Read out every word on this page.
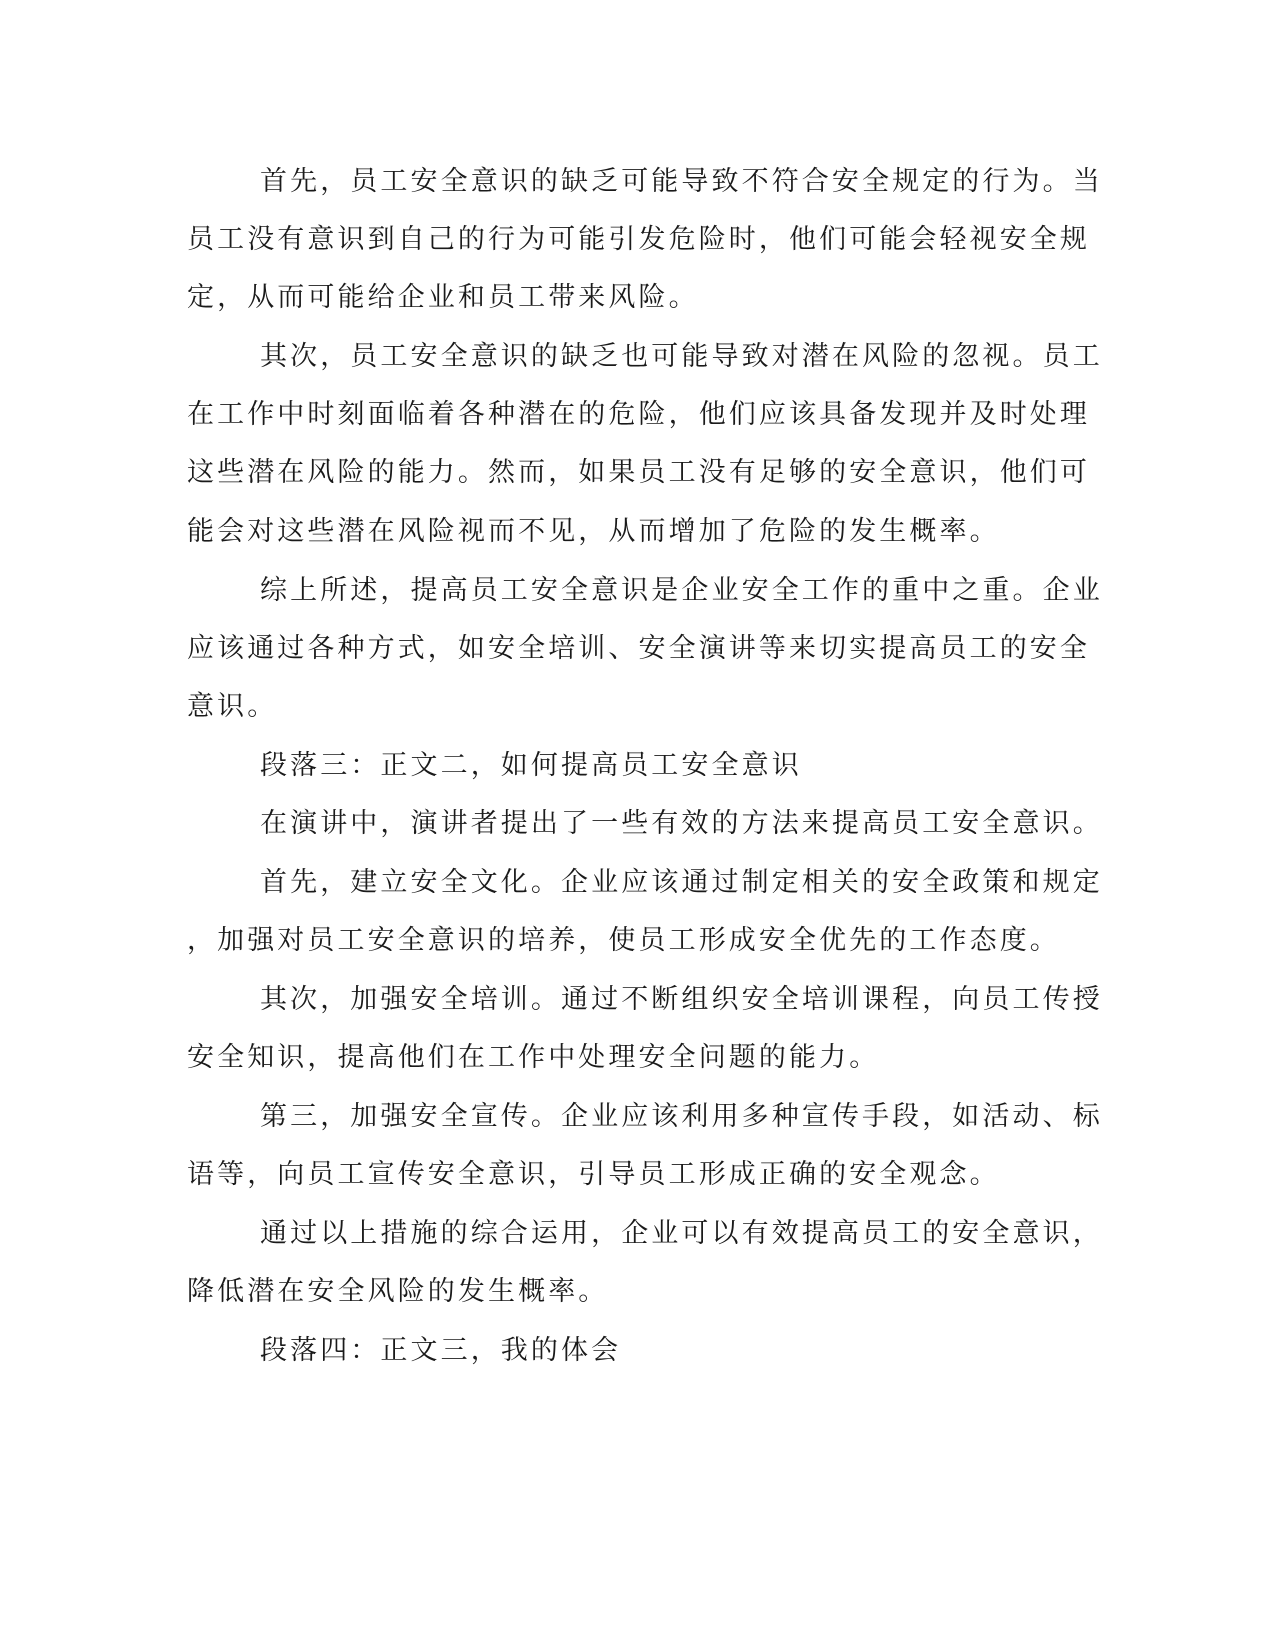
首先，员工安全意识的缺乏可能导致不符合安全规定的行为。当
员工没有意识到自己的行为可能引发危险时，他们可能会轻视安全规
定，从而可能给企业和员工带来风险。
其次，员工安全意识的缺乏也可能导致对潜在风险的忽视。员工
在工作中时刻面临着各种潜在的危险，他们应该具备发现并及时处理
这些潜在风险的能力。然而，如果员工没有足够的安全意识，他们可
能会对这些潜在风险视而不见，从而增加了危险的发生概率。
综上所述，提高员工安全意识是企业安全工作的重中之重。企业
应该通过各种方式，如安全培训、安全演讲等来切实提高员工的安全
意识。
段落三：正文二，如何提高员工安全意识
在演讲中，演讲者提出了一些有效的方法来提高员工安全意识。
首先，建立安全文化。企业应该通过制定相关的安全政策和规定
，加强对员工安全意识的培养，使员工形成安全优先的工作态度。
其次，加强安全培训。通过不断组织安全培训课程，向员工传授
安全知识，提高他们在工作中处理安全问题的能力。
第三，加强安全宣传。企业应该利用多种宣传手段，如活动、标
语等，向员工宣传安全意识，引导员工形成正确的安全观念。
通过以上措施的综合运用，企业可以有效提高员工的安全意识，
降低潜在安全风险的发生概率。
段落四：正文三，我的体会
